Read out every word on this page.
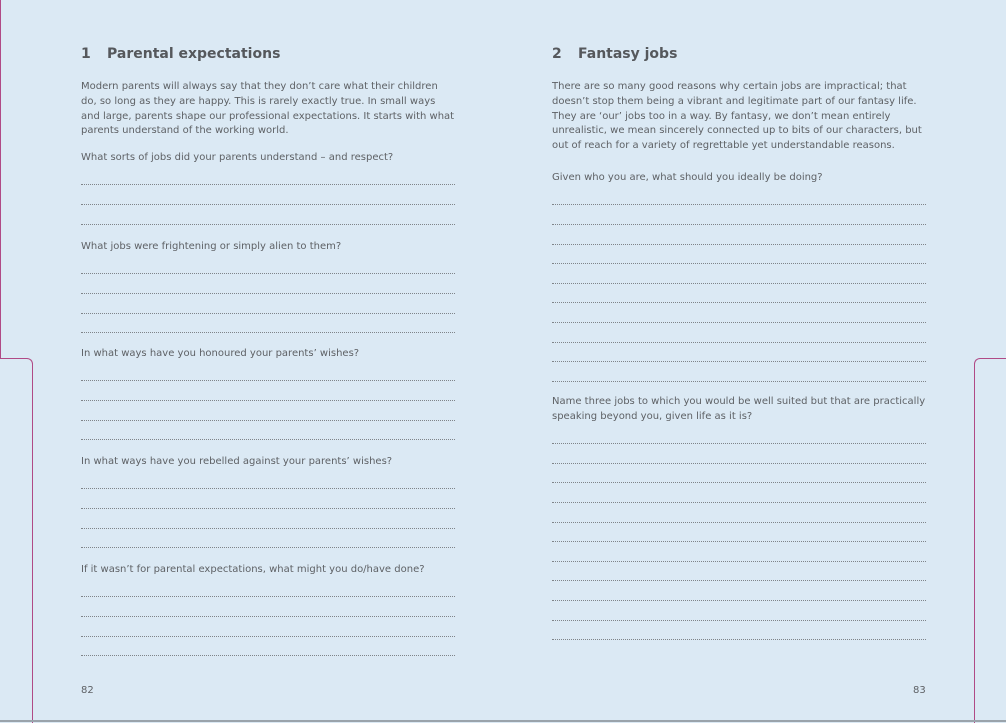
1 Parental expectations

Modern parents will always say that they don’t care what their children do, so long as they are happy. This is rarely exactly true. In small ways and large, parents shape our professional expectations. It starts with what parents understand of the working world.

What sorts of jobs did your parents understand – and respect?

What jobs were frightening or simply alien to them?

In what ways have you honoured your parents’ wishes?

In what ways have you rebelled against your parents’ wishes?

If it wasn’t for parental expectations, what might you do/have done?

82
2 Fantasy jobs

There are so many good reasons why certain jobs are impractical; that doesn’t stop them being a vibrant and legitimate part of our fantasy life. They are ‘our’ jobs too in a way. By fantasy, we don’t mean entirely unrealistic, we mean sincerely connected up to bits of our characters, but out of reach for a variety of regrettable yet understandable reasons.

Given who you are, what should you ideally be doing?

Name three jobs to which you would be well suited but that are practically speaking beyond you, given life as it is?

83
